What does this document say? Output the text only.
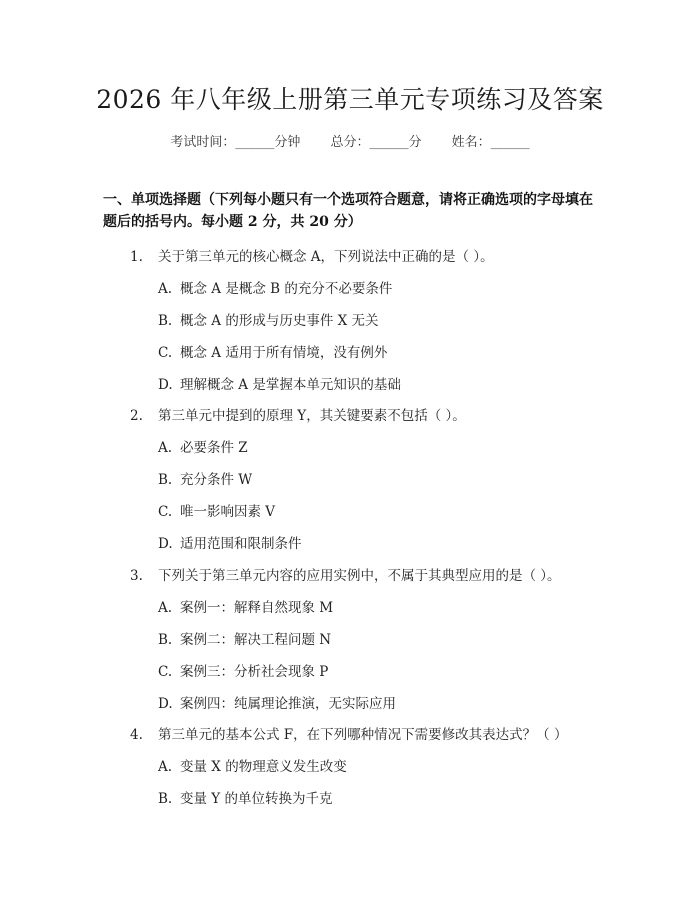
2026 年八年级上册第三单元专项练习及答案
考试时间：______分钟 总分：______分 姓名：______
一、单项选择题（下列每小题只有一个选项符合题意，请将正确选项的字母填在题后的括号内。每小题 2 分，共 20 分）
1. 关于第三单元的核心概念 A，下列说法中正确的是（ ）。
A. 概念 A 是概念 B 的充分不必要条件
B. 概念 A 的形成与历史事件 X 无关
C. 概念 A 适用于所有情境，没有例外
D. 理解概念 A 是掌握本单元知识的基础
2. 第三单元中提到的原理 Y，其关键要素不包括（ ）。
A. 必要条件 Z
B. 充分条件 W
C. 唯一影响因素 V
D. 适用范围和限制条件
3. 下列关于第三单元内容的应用实例中，不属于其典型应用的是（ ）。
A. 案例一：解释自然现象 M
B. 案例二：解决工程问题 N
C. 案例三：分析社会现象 P
D. 案例四：纯属理论推演，无实际应用
4. 第三单元的基本公式 F，在下列哪种情况下需要修改其表达式？（ ）
A. 变量 X 的物理意义发生改变
B. 变量 Y 的单位转换为千克
